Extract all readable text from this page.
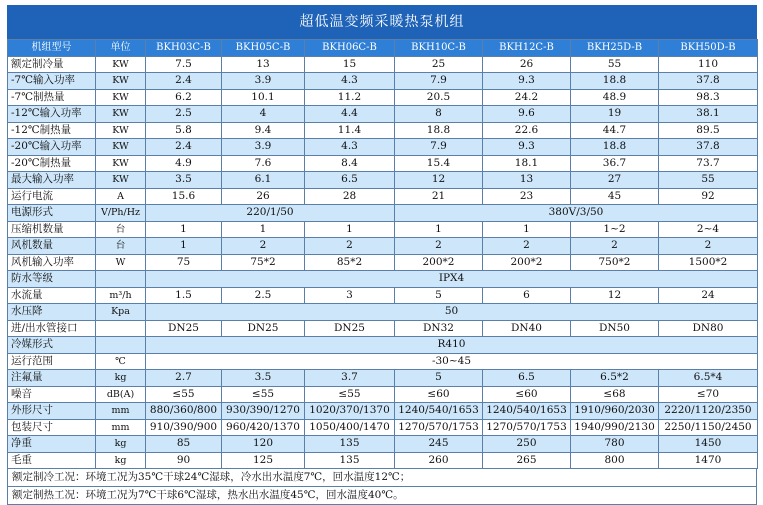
超低温变频采暖热泵机组
机组型号	单位	BKH03C-B	BKH05C-B	BKH06C-B	BKH10C-B	BKH12C-B	BKH25D-B	BKH50D-B
额定制冷量	KW	7.5	13	15	25	26	55	110
-7℃输入功率	KW	2.4	3.9	4.3	7.9	9.3	18.8	37.8
-7℃制热量	KW	6.2	10.1	11.2	20.5	24.2	48.9	98.3
-12℃输入功率	KW	2.5	4	4.4	8	9.6	19	38.1
-12℃制热量	KW	5.8	9.4	11.4	18.8	22.6	44.7	89.5
-20℃输入功率	KW	2.4	3.9	4.3	7.9	9.3	18.8	37.8
-20℃制热量	KW	4.9	7.6	8.4	15.4	18.1	36.7	73.7
最大输入功率	KW	3.5	6.1	6.5	12	13	27	55
运行电流	A	15.6	26	28	21	23	45	92
电源形式	V/Ph/Hz	220/1/50			380V/3/50			
压缩机数量	台	1	1	1	1	1	1~2	2~4
风机数量	台	1	2	2	2	2	2	2
风机输入功率	W	75	75*2	85*2	200*2	200*2	750*2	1500*2
防水等级		IPX4						
水流量	m³/h	1.5	2.5	3	5	6	12	24
水压降	Kpa	50						
进/出水管接口		DN25	DN25	DN25	DN32	DN40	DN50	DN80
冷媒形式		R410						
运行范围	℃	-30~45						
注氟量	kg	2.7	3.5	3.7	5	6.5	6.5*2	6.5*4
噪音	dB(A)	≤55	≤55	≤55	≤60	≤60	≤68	≤70
外形尺寸	mm	880/360/800	930/390/1270	1020/370/1370	1240/540/1653	1240/540/1653	1910/960/2030	2220/1120/2350
包装尺寸	mm	910/390/900	960/420/1370	1050/400/1470	1270/570/1753	1270/570/1753	1940/990/2130	2250/1150/2450
净重	kg	85	120	135	245	250	780	1450
毛重	kg	90	125	135	260	265	800	1470
额定制冷工况：环境工况为35℃干球24℃湿球，冷水出水温度7℃，回水温度12℃；
额定制热工况：环境工况为7℃干球6℃湿球，热水出水温度45℃，回水温度40℃。
